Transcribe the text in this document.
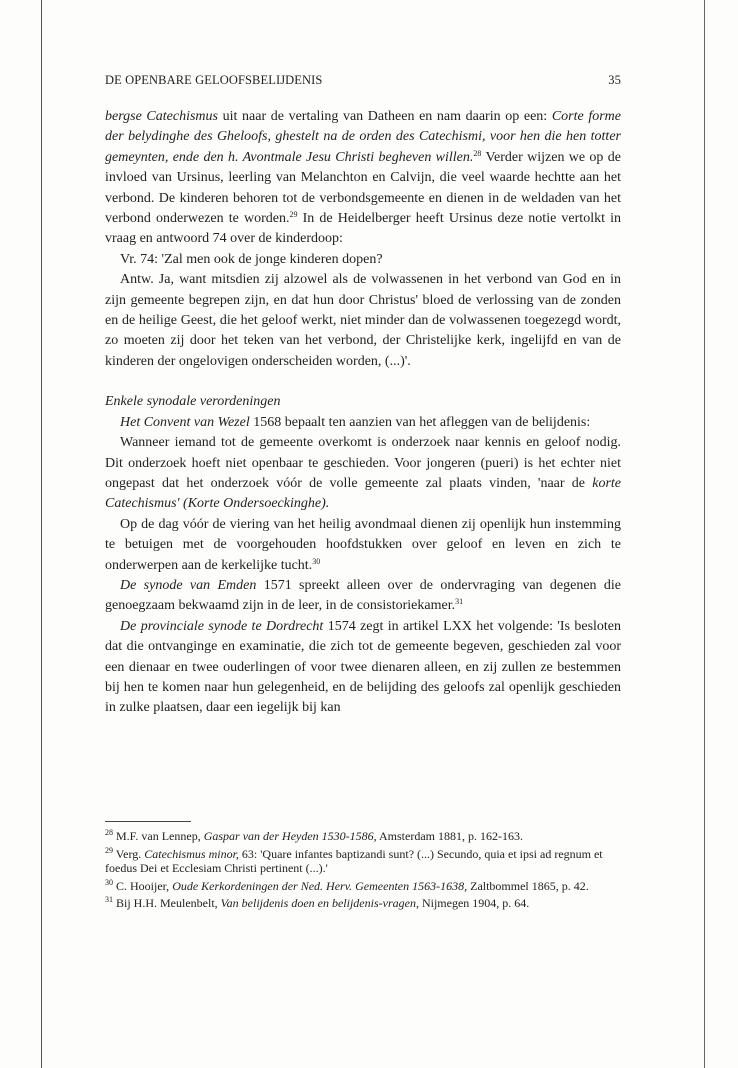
DE OPENBARE GELOOFSBELIJDENIS	35

bergse Catechismus uit naar de vertaling van Datheen en nam daarin op een: Corte forme der belydinghe des Gheloofs, ghestelt na de orden des Catechismi, voor hen die hen totter gemeynten, ende den h. Avontmale Jesu Christi begheven willen.$^{28}$ Verder wijzen we op de invloed van Ursinus, leerling van Melanchton en Calvijn, die veel waarde hechtte aan het verbond. De kinderen behoren tot de verbondsgemeente en dienen in de weldaden van het verbond onderwezen te worden.$^{29}$ In de Heidelberger heeft Ursinus deze notie vertolkt in vraag en antwoord 74 over de kinderdoop:

Vr. 74: 'Zal men ook de jonge kinderen dopen?

Antw. Ja, want mitsdien zij alzowel als de volwassenen in het verbond van God en in zijn gemeente begrepen zijn, en dat hun door Christus' bloed de verlossing van de zonden en de heilige Geest, die het geloof werkt, niet minder dan de volwassenen toegezegd wordt, zo moeten zij door het teken van het verbond, der Christelijke kerk, ingelijfd en van de kinderen der ongelovigen onderscheiden worden, (...)'.

Enkele synodale verordeningen

Het Convent van Wezel 1568 bepaalt ten aanzien van het afleggen van de belijdenis:

Wanneer iemand tot de gemeente overkomt is onderzoek naar kennis en geloof nodig. Dit onderzoek hoeft niet openbaar te geschieden. Voor jongeren (pueri) is het echter niet ongepast dat het onderzoek vóór de volle gemeente zal plaats vinden, 'naar de korte Catechismus' (Korte Ondersoeckinghe).

Op de dag vóór de viering van het heilig avondmaal dienen zij openlijk hun instemming te betuigen met de voorgehouden hoofdstukken over geloof en leven en zich te onderwerpen aan de kerkelijke tucht.$^{30}$

De synode van Emden 1571 spreekt alleen over de ondervraging van degenen die genoegzaam bekwaamd zijn in de leer, in de consistoriekamer.$^{31}$

De provinciale synode te Dordrecht 1574 zegt in artikel LXX het volgende: 'Is besloten dat die ontvanginge en examinatie, die zich tot de gemeente begeven, geschieden zal voor een dienaar en twee ouderlingen of voor twee dienaren alleen, en zij zullen ze bestemmen bij hen te komen naar hun gelegenheid, en de belijding des geloofs zal openlijk geschieden in zulke plaatsen, daar een iegelijk bij kan

$^{28}$ M.F. van Lennep, Gaspar van der Heyden 1530-1586, Amsterdam 1881, p. 162-163.

$^{29}$ Verg. Catechismus minor, 63: 'Quare infantes baptizandi sunt? (...) Secundo, quia et ipsi ad regnum et foedus Dei et Ecclesiam Christi pertinent (...).'

$^{30}$ C. Hooijer, Oude Kerkordeningen der Ned. Herv. Gemeenten 1563-1638, Zaltbommel 1865, p. 42.

$^{31}$ Bij H.H. Meulenbelt, Van belijdenis doen en belijdenis-vragen, Nijmegen 1904, p. 64.
